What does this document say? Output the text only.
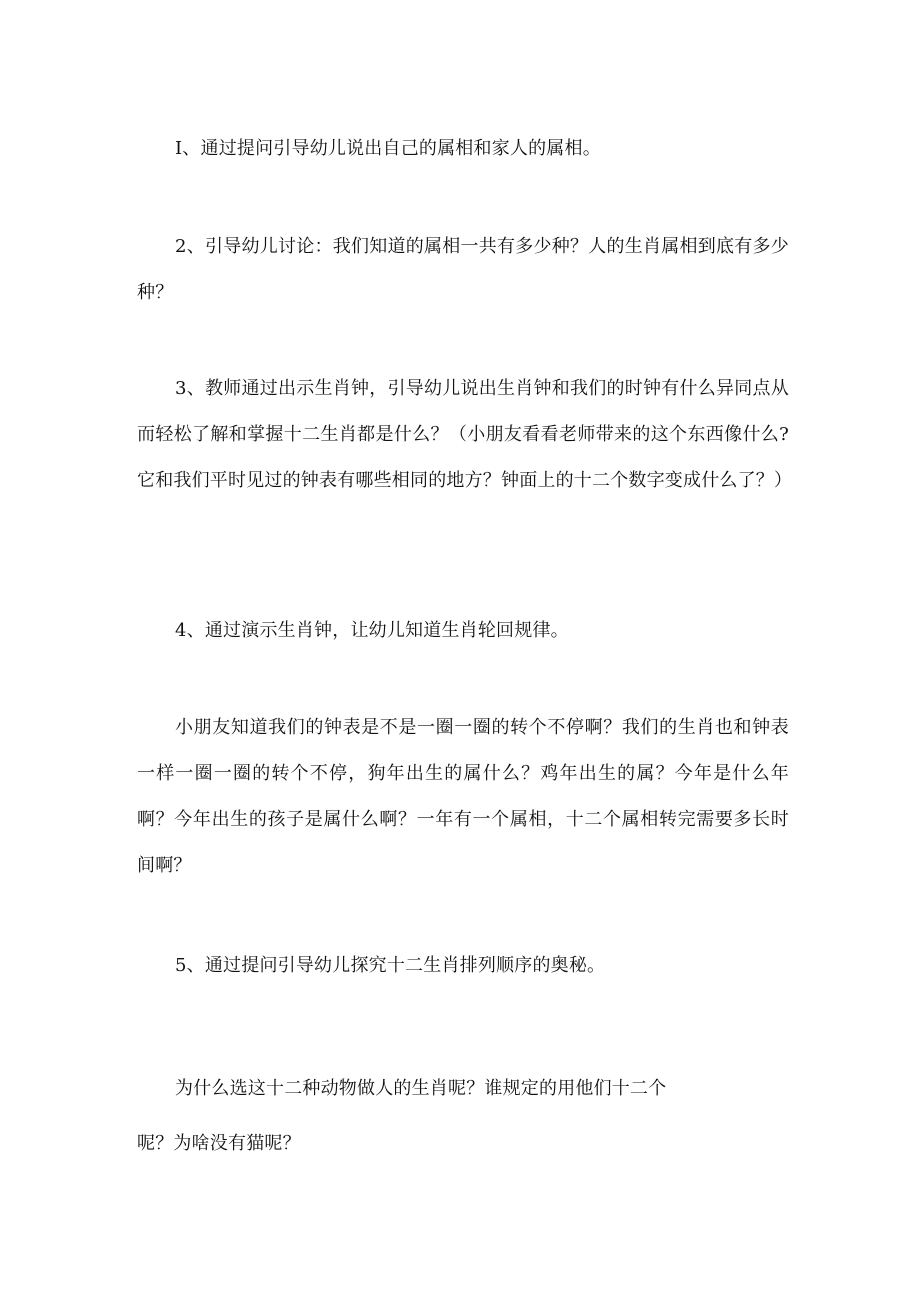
I、通过提问引导幼儿说出自己的属相和家人的属相。

2、引导幼儿讨论：我们知道的属相一共有多少种？人的生肖属相到底有多少种？

3、教师通过出示生肖钟，引导幼儿说出生肖钟和我们的时钟有什么异同点从而轻松了解和掌握十二生肖都是什么？（小朋友看看老师带来的这个东西像什么?它和我们平时见过的钟表有哪些相同的地方？钟面上的十二个数字变成什么了？）

4、通过演示生肖钟，让幼儿知道生肖轮回规律。

小朋友知道我们的钟表是不是一圈一圈的转个不停啊？我们的生肖也和钟表一样一圈一圈的转个不停，狗年出生的属什么？鸡年出生的属？今年是什么年啊？今年出生的孩子是属什么啊？一年有一个属相，十二个属相转完需要多长时间啊？

5、通过提问引导幼儿探究十二生肖排列顺序的奥秘。

为什么选这十二种动物做人的生肖呢？谁规定的用他们十二个

呢？为啥没有猫呢？
